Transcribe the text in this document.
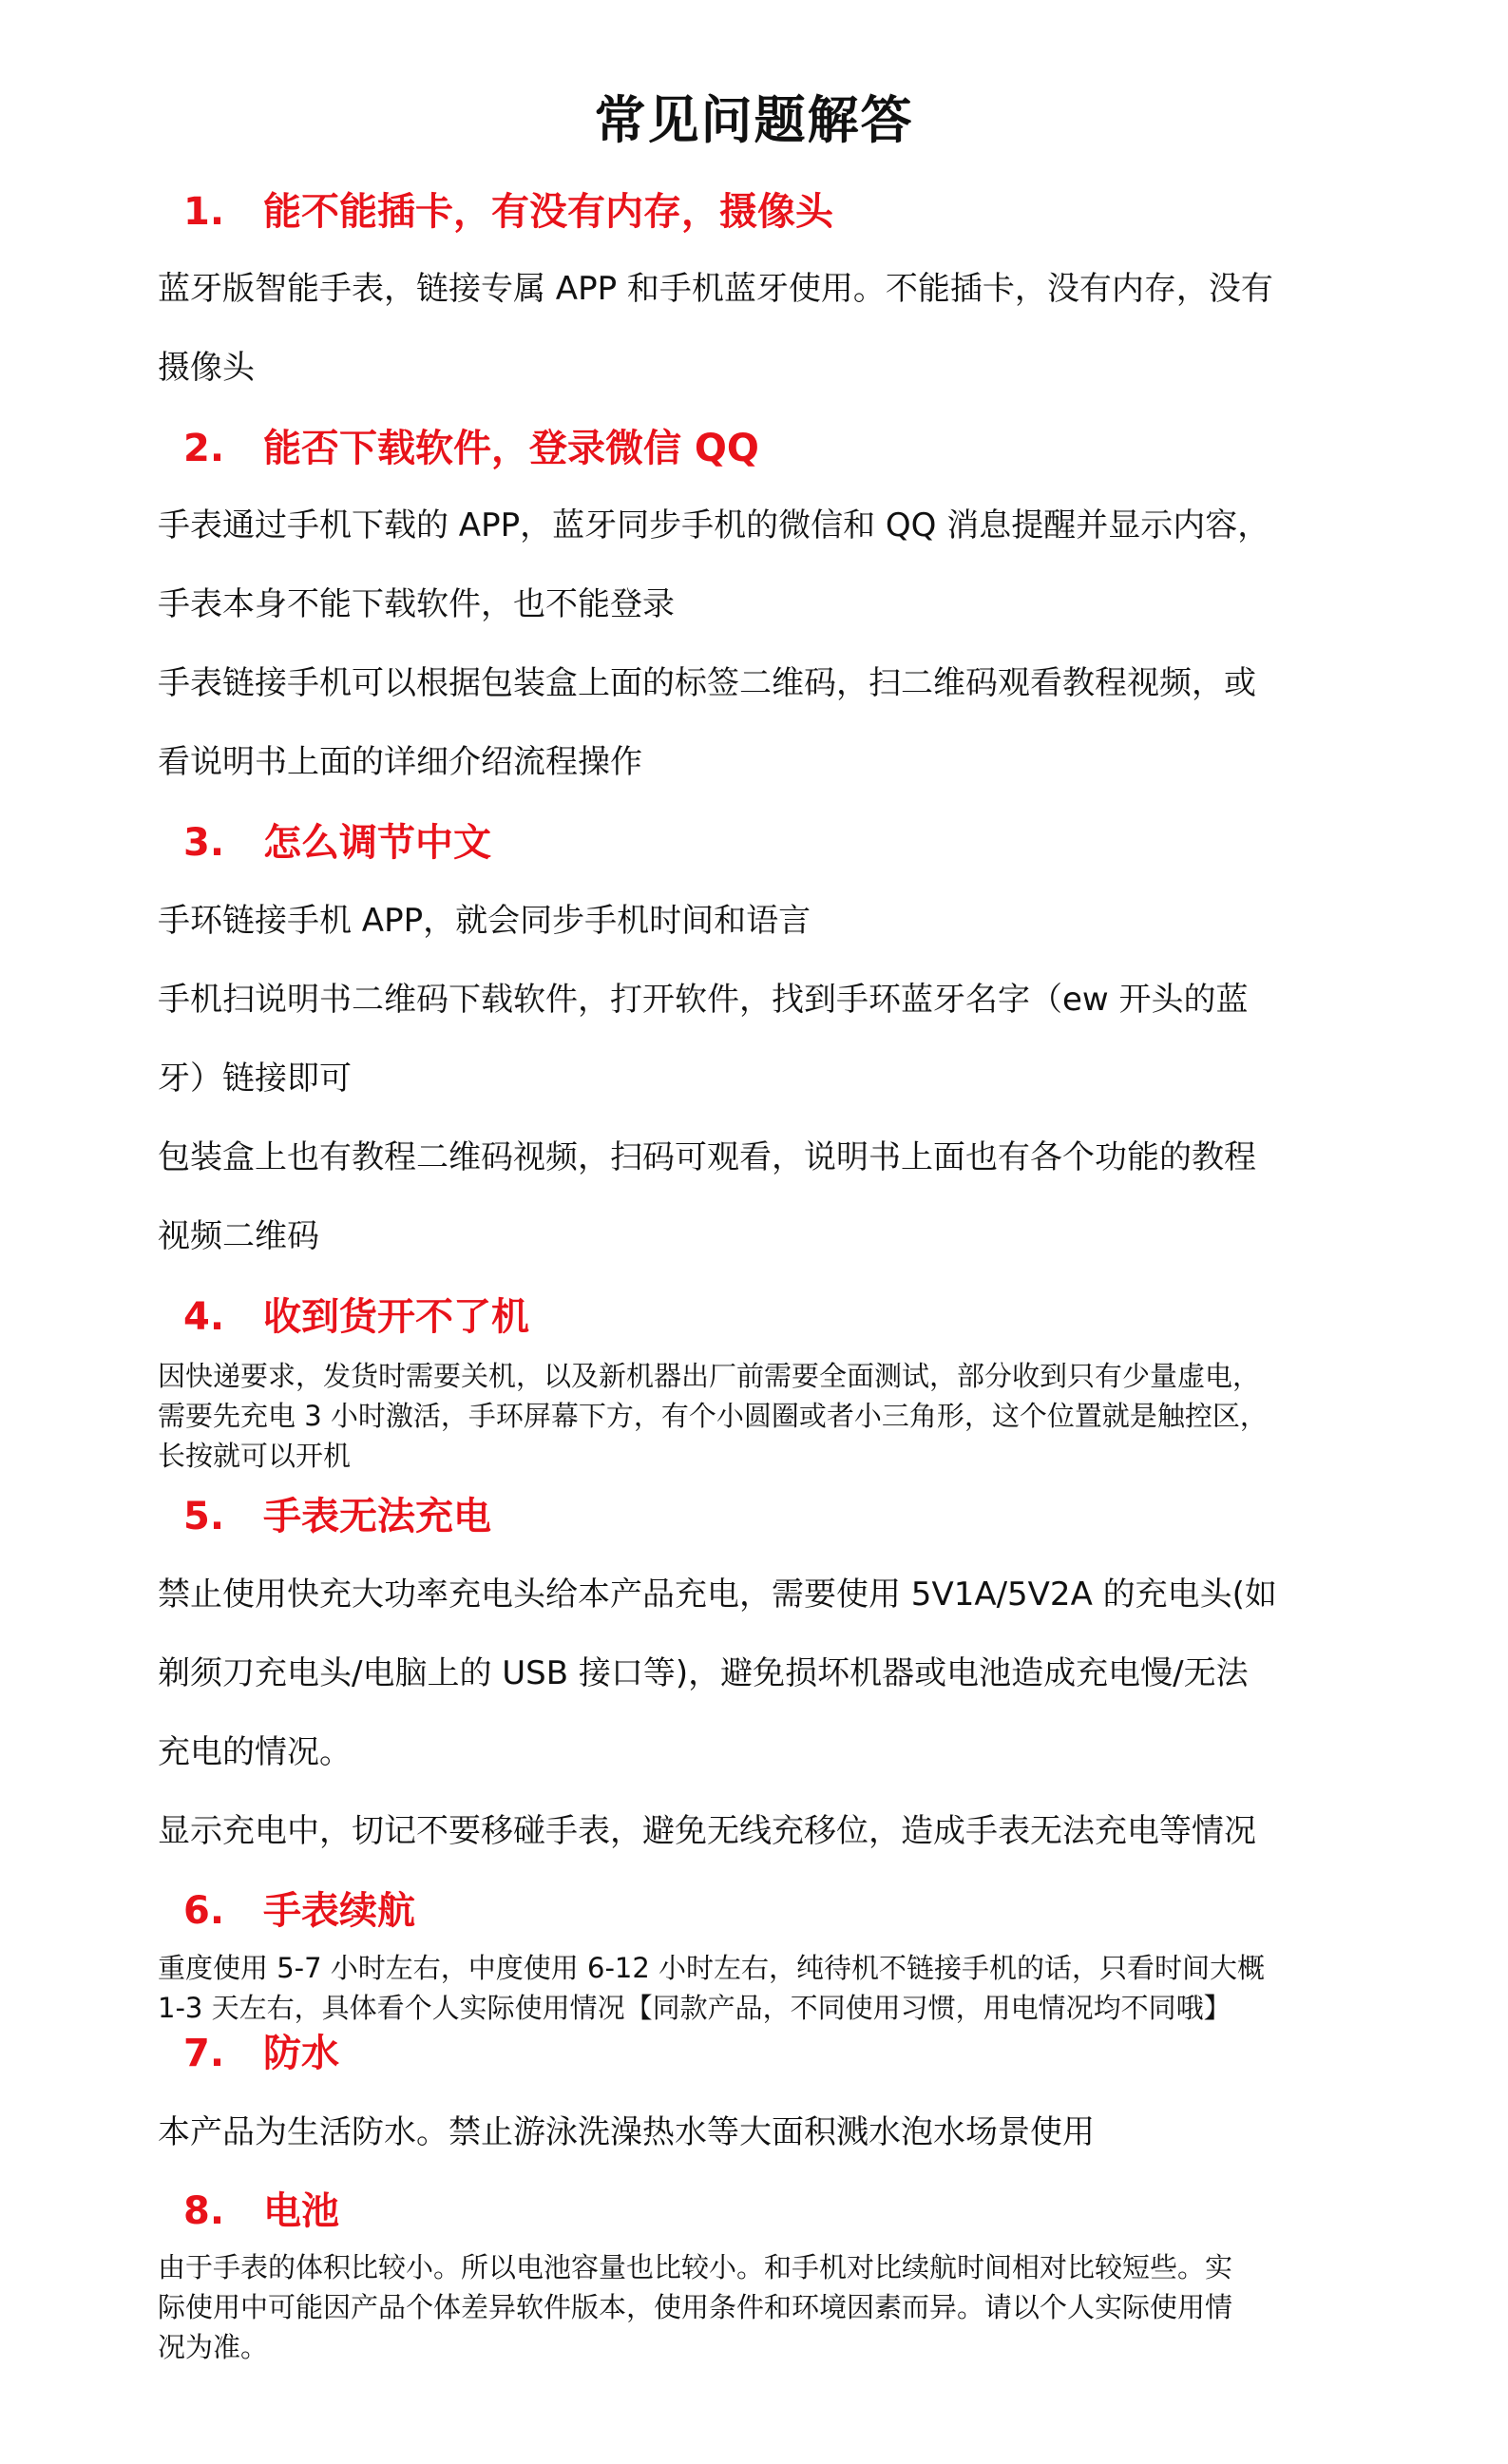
常见问题解答
1. 能不能插卡，有没有内存，摄像头
蓝牙版智能手表，链接专属 APP 和手机蓝牙使用。不能插卡，没有内存，没有
摄像头
2. 能否下载软件，登录微信 QQ
手表通过手机下载的 APP，蓝牙同步手机的微信和 QQ 消息提醒并显示内容，
手表本身不能下载软件，也不能登录
手表链接手机可以根据包装盒上面的标签二维码，扫二维码观看教程视频，或
看说明书上面的详细介绍流程操作
3. 怎么调节中文
手环链接手机 APP，就会同步手机时间和语言
手机扫说明书二维码下载软件，打开软件，找到手环蓝牙名字（ew 开头的蓝
牙）链接即可
包装盒上也有教程二维码视频，扫码可观看，说明书上面也有各个功能的教程
视频二维码
4. 收到货开不了机
因快递要求，发货时需要关机，以及新机器出厂前需要全面测试，部分收到只有少量虚电，
需要先充电 3 小时激活，手环屏幕下方，有个小圆圈或者小三角形，这个位置就是触控区，
长按就可以开机
5. 手表无法充电
禁止使用快充大功率充电头给本产品充电，需要使用 5V1A/5V2A 的充电头(如
剃须刀充电头/电脑上的 USB 接口等)，避免损坏机器或电池造成充电慢/无法
充电的情况。
显示充电中，切记不要移碰手表，避免无线充移位，造成手表无法充电等情况
6. 手表续航
重度使用 5-7 小时左右，中度使用 6-12 小时左右，纯待机不链接手机的话，只看时间大概
1-3 天左右，具体看个人实际使用情况【同款产品，不同使用习惯，用电情况均不同哦】
7. 防水
本产品为生活防水。禁止游泳洗澡热水等大面积溅水泡水场景使用
8. 电池
由于手表的体积比较小。所以电池容量也比较小。和手机对比续航时间相对比较短些。实
际使用中可能因产品个体差异软件版本，使用条件和环境因素而异。请以个人实际使用情
况为准。
